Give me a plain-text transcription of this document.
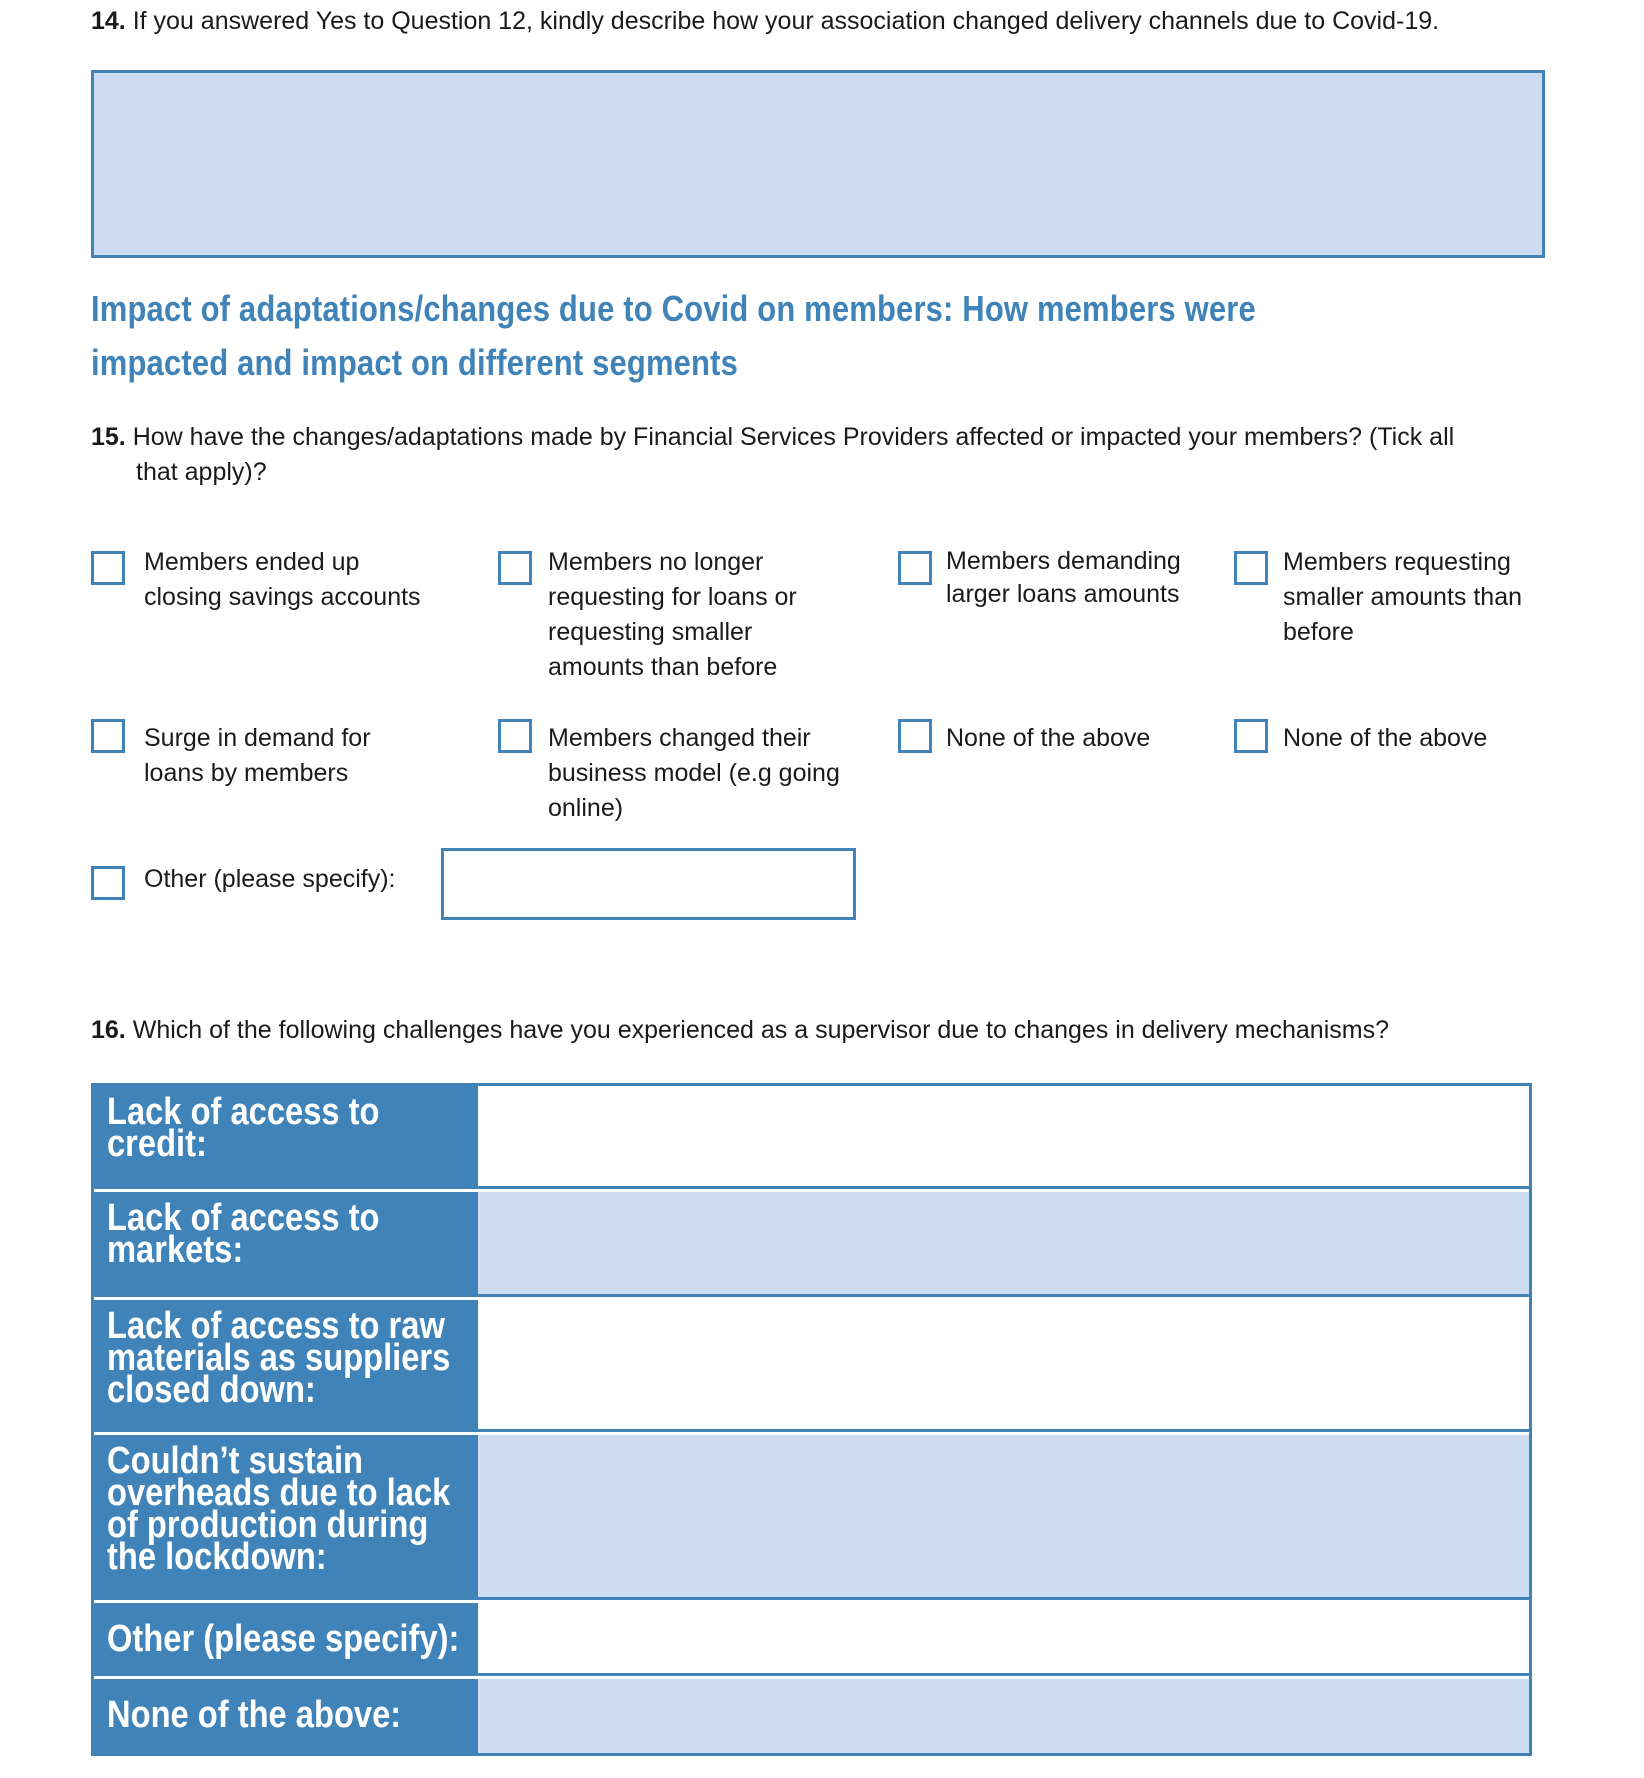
14. If you answered Yes to Question 12, kindly describe how your association changed delivery channels due to Covid-19.
Impact of adaptations/changes due to Covid on members: How members were impacted and impact on different segments
15. How have the changes/adaptations made by Financial Services Providers affected or impacted your members? (Tick all
that apply)?
Members ended up closing savings accounts
Members no longer requesting for loans or requesting smaller amounts than before
Members demanding larger loans amounts
Members requesting smaller amounts than before
Surge in demand for loans by members
Members changed their business model (e.g going online)
None of the above	None of the above
Other (please specify):
16. Which of the following challenges have you experienced as a supervisor due to changes in delivery mechanisms?
Lack of access to credit:
Lack of access to markets:
Lack of access to raw materials as suppliers closed down:
Couldn’t sustain overheads due to lack of production during the lockdown:
Other (please specify):
None of the above:
